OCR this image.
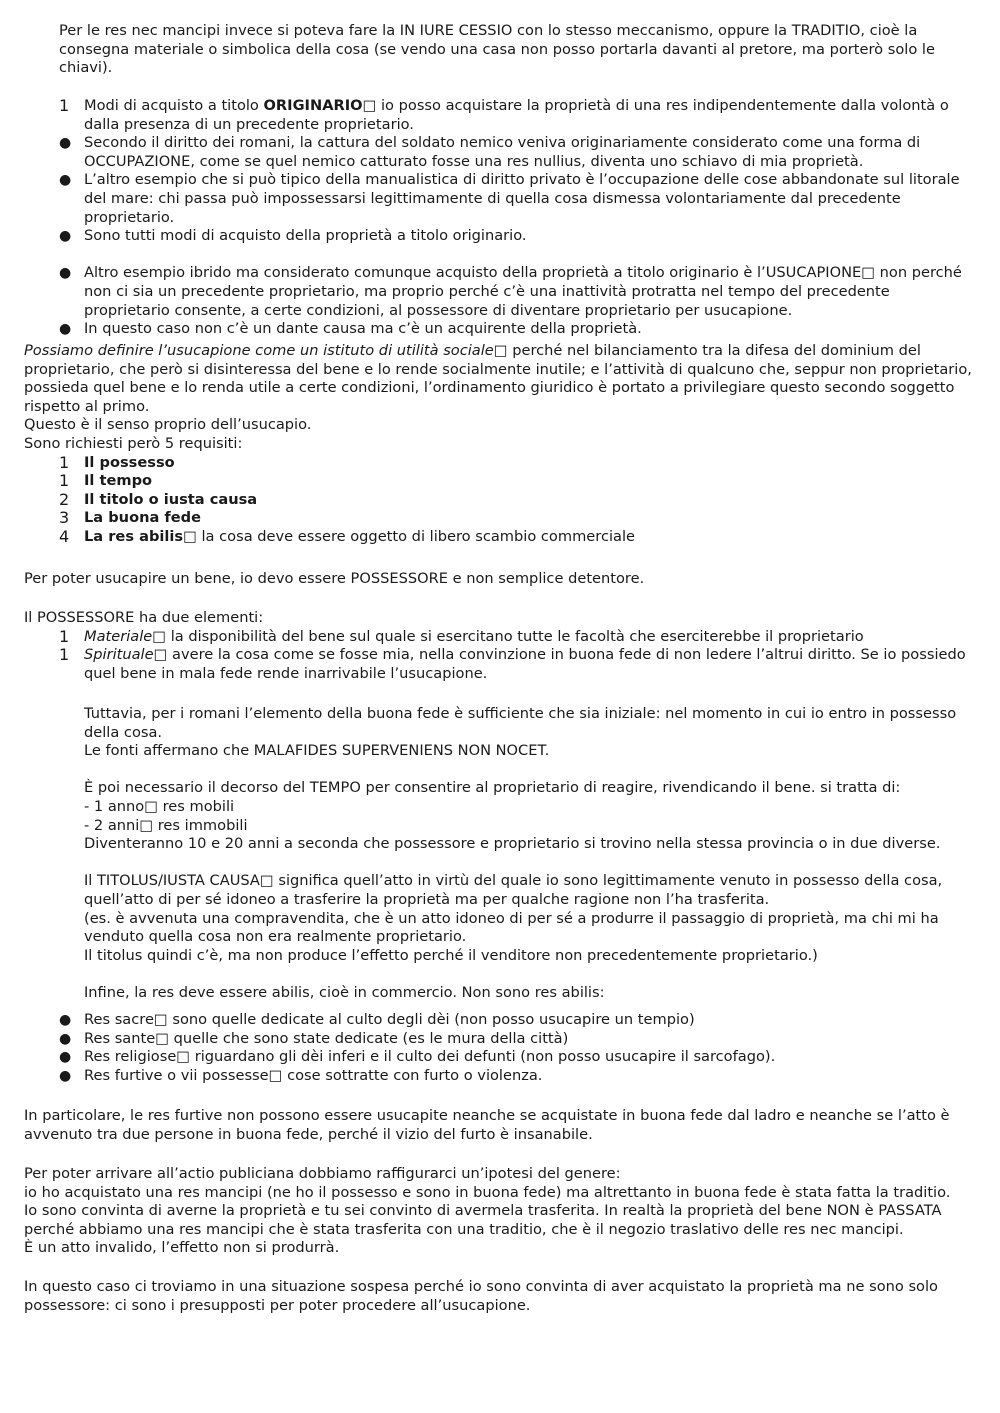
Per le res nec mancipi invece si poteva fare la IN IURE CESSIO con lo stesso meccanismo, oppure la TRADITIO, cioè la consegna materiale o simbolica della cosa (se vendo una casa non posso portarla davanti al pretore, ma porterò solo le chiavi).

1	Modi di acquisto a titolo ORIGINARIO□ io posso acquistare la proprietà di una res indipendentemente dalla volontà o dalla presenza di un precedente proprietario.

● Secondo il diritto dei romani, la cattura del soldato nemico veniva originariamente considerato come una forma di OCCUPAZIONE, come se quel nemico catturato fosse una res nullius, diventa uno schiavo di mia proprietà.

● L’altro esempio che si può tipico della manualistica di diritto privato è l’occupazione delle cose abbandonate sul litorale del mare: chi passa può impossessarsi legittimamente di quella cosa dismessa volontariamente dal precedente proprietario.

● Sono tutti modi di acquisto della proprietà a titolo originario.

● Altro esempio ibrido ma considerato comunque acquisto della proprietà a titolo originario è l’USUCAPIONE□ non perché non ci sia un precedente proprietario, ma proprio perché c’è una inattività protratta nel tempo del precedente proprietario consente, a certe condizioni, al possessore di diventare proprietario per usucapione.

● In questo caso non c’è un dante causa ma c’è un acquirente della proprietà.

Possiamo definire l’usucapione come un istituto di utilità sociale□ perché nel bilanciamento tra la difesa del dominium del proprietario, che però si disinteressa del bene e lo rende socialmente inutile; e l’attività di qualcuno che, seppur non proprietario, possieda quel bene e lo renda utile a certe condizioni, l’ordinamento giuridico è portato a privilegiare questo secondo soggetto rispetto al primo.

Questo è il senso proprio dell’usucapio.

Sono richiesti però 5 requisiti:

1	Il possesso

1	Il tempo

2	Il titolo o iusta causa

3	La buona fede

4	La res abilis□ la cosa deve essere oggetto di libero scambio commerciale

Per poter usucapire un bene, io devo essere POSSESSORE e non semplice detentore.

Il POSSESSORE ha due elementi:

1	Materiale□ la disponibilità del bene sul quale si esercitano tutte le facoltà che eserciterebbe il proprietario

1	Spirituale□ avere la cosa come se fosse mia, nella convinzione in buona fede di non ledere l’altrui diritto. Se io possiedo quel bene in mala fede rende inarrivabile l’usucapione.

Tuttavia, per i romani l’elemento della buona fede è sufficiente che sia iniziale: nel momento in cui io entro in possesso della cosa.

Le fonti affermano che MALAFIDES SUPERVENIENS NON NOCET.

È poi necessario il decorso del TEMPO per consentire al proprietario di reagire, rivendicando il bene. si tratta di:

- 1 anno□ res mobili

- 2 anni□ res immobili

Diventeranno 10 e 20 anni a seconda che possessore e proprietario si trovino nella stessa provincia o in due diverse.

Il TITOLUS/IUSTA CAUSA□ significa quell’atto in virtù del quale io sono legittimamente venuto in possesso della cosa, quell’atto di per sé idoneo a trasferire la proprietà ma per qualche ragione non l’ha trasferita.

(es. è avvenuta una compravendita, che è un atto idoneo di per sé a produrre il passaggio di proprietà, ma chi mi ha venduto quella cosa non era realmente proprietario.

Il titolus quindi c’è, ma non produce l’effetto perché il venditore non precedentemente proprietario.)

Infine, la res deve essere abilis, cioè in commercio. Non sono res abilis:

● Res sacre□ sono quelle dedicate al culto degli dèi (non posso usucapire un tempio)

● Res sante□ quelle che sono state dedicate (es le mura della città)

● Res religiose□ riguardano gli dèi inferi e il culto dei defunti (non posso usucapire il sarcofago).

● Res furtive o vii possesse□ cose sottratte con furto o violenza.

In particolare, le res furtive non possono essere usucapite neanche se acquistate in buona fede dal ladro e neanche se l’atto è avvenuto tra due persone in buona fede, perché il vizio del furto è insanabile.

Per poter arrivare all’actio publiciana dobbiamo raffigurarci un’ipotesi del genere:

io ho acquistato una res mancipi (ne ho il possesso e sono in buona fede) ma altrettanto in buona fede è stata fatta la traditio.

Io sono convinta di averne la proprietà e tu sei convinto di avermela trasferita. In realtà la proprietà del bene NON è PASSATA perché abbiamo una res mancipi che è stata trasferita con una traditio, che è il negozio traslativo delle res nec mancipi.

È un atto invalido, l’effetto non si produrrà.

In questo caso ci troviamo in una situazione sospesa perché io sono convinta di aver acquistato la proprietà ma ne sono solo possessore: ci sono i presupposti per poter procedere all’usucapione.
